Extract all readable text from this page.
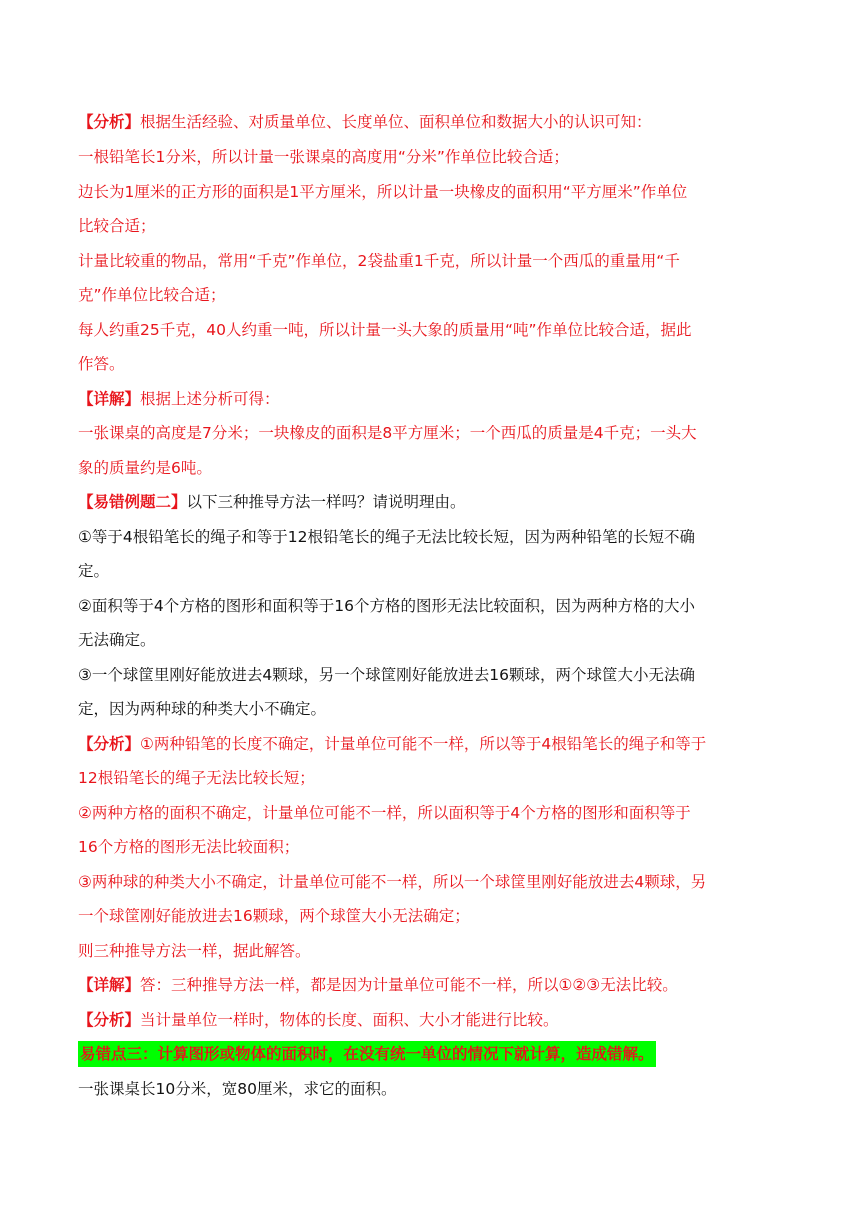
【分析】根据生活经验、对质量单位、长度单位、面积单位和数据大小的认识可知：
一根铅笔长1分米，所以计量一张课桌的高度用“分米”作单位比较合适；
边长为1厘米的正方形的面积是1平方厘米，所以计量一块橡皮的面积用“平方厘米”作单位
比较合适；
计量比较重的物品，常用“千克”作单位，2袋盐重1千克，所以计量一个西瓜的重量用“千
克”作单位比较合适；
每人约重25千克，40人约重一吨，所以计量一头大象的质量用“吨”作单位比较合适，据此
作答。
【详解】根据上述分析可得：
一张课桌的高度是7分米；一块橡皮的面积是8平方厘米；一个西瓜的质量是4千克；一头大
象的质量约是6吨。
【易错例题二】以下三种推导方法一样吗？请说明理由。
①等于4根铅笔长的绳子和等于12根铅笔长的绳子无法比较长短，因为两种铅笔的长短不确
定。
②面积等于4个方格的图形和面积等于16个方格的图形无法比较面积，因为两种方格的大小
无法确定。
③一个球筐里刚好能放进去4颗球，另一个球筐刚好能放进去16颗球，两个球筐大小无法确
定，因为两种球的种类大小不确定。
【分析】①两种铅笔的长度不确定，计量单位可能不一样，所以等于4根铅笔长的绳子和等于
12根铅笔长的绳子无法比较长短；
②两种方格的面积不确定，计量单位可能不一样，所以面积等于4个方格的图形和面积等于
16个方格的图形无法比较面积；
③两种球的种类大小不确定，计量单位可能不一样，所以一个球筐里刚好能放进去4颗球，另
一个球筐刚好能放进去16颗球，两个球筐大小无法确定；
则三种推导方法一样，据此解答。
【详解】答：三种推导方法一样，都是因为计量单位可能不一样，所以①②③无法比较。
【分析】当计量单位一样时，物体的长度、面积、大小才能进行比较。
易错点三：计算图形或物体的面积时，在没有统一单位的情况下就计算，造成错解。
一张课桌长10分米，宽80厘米，求它的面积。
